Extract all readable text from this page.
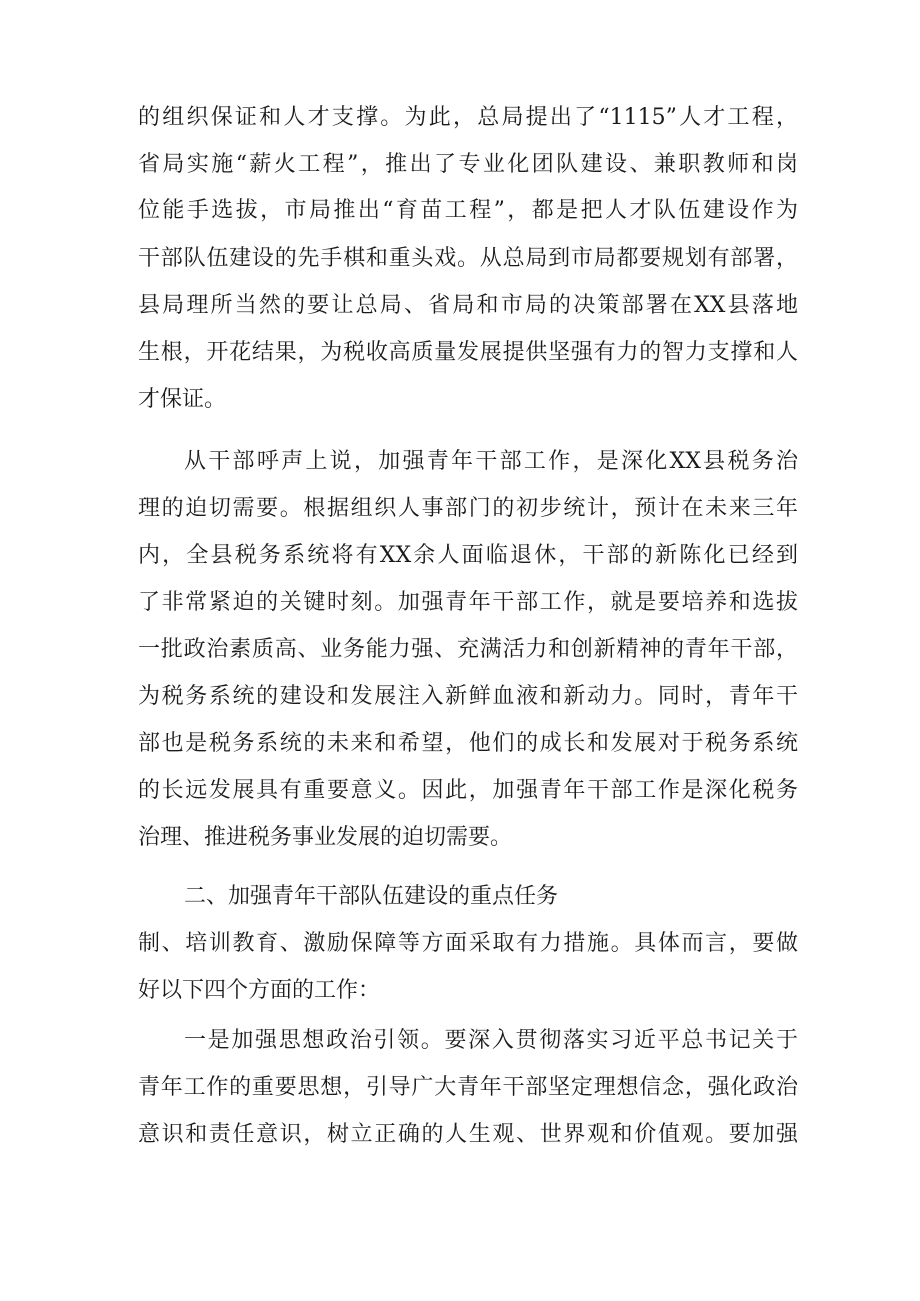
的组织保证和人才支撑。为此，总局提出了“1115”人才工程，
省局实施“薪火工程”，推出了专业化团队建设、兼职教师和岗
位能手选拔，市局推出“育苗工程”，都是把人才队伍建设作为
干部队伍建设的先手棋和重头戏。从总局到市局都要规划有部署，
县局理所当然的要让总局、省局和市局的决策部署在XX县落地
生根，开花结果，为税收高质量发展提供坚强有力的智力支撑和人
才保证。
从干部呼声上说，加强青年干部工作，是深化XX县税务治
理的迫切需要。根据组织人事部门的初步统计，预计在未来三年
内，全县税务系统将有XX余人面临退休，干部的新陈化已经到
了非常紧迫的关键时刻。加强青年干部工作，就是要培养和选拔
一批政治素质高、业务能力强、充满活力和创新精神的青年干部，
为税务系统的建设和发展注入新鲜血液和新动力。同时，青年干
部也是税务系统的未来和希望，他们的成长和发展对于税务系统
的长远发展具有重要意义。因此，加强青年干部工作是深化税务
治理、推进税务事业发展的迫切需要。
二、加强青年干部队伍建设的重点任务
制、培训教育、激励保障等方面采取有力措施。具体而言，要做
好以下四个方面的工作：
一是加强思想政治引领。要深入贯彻落实习近平总书记关于
青年工作的重要思想，引导广大青年干部坚定理想信念，强化政治
意识和责任意识，树立正确的人生观、世界观和价值观。要加强
